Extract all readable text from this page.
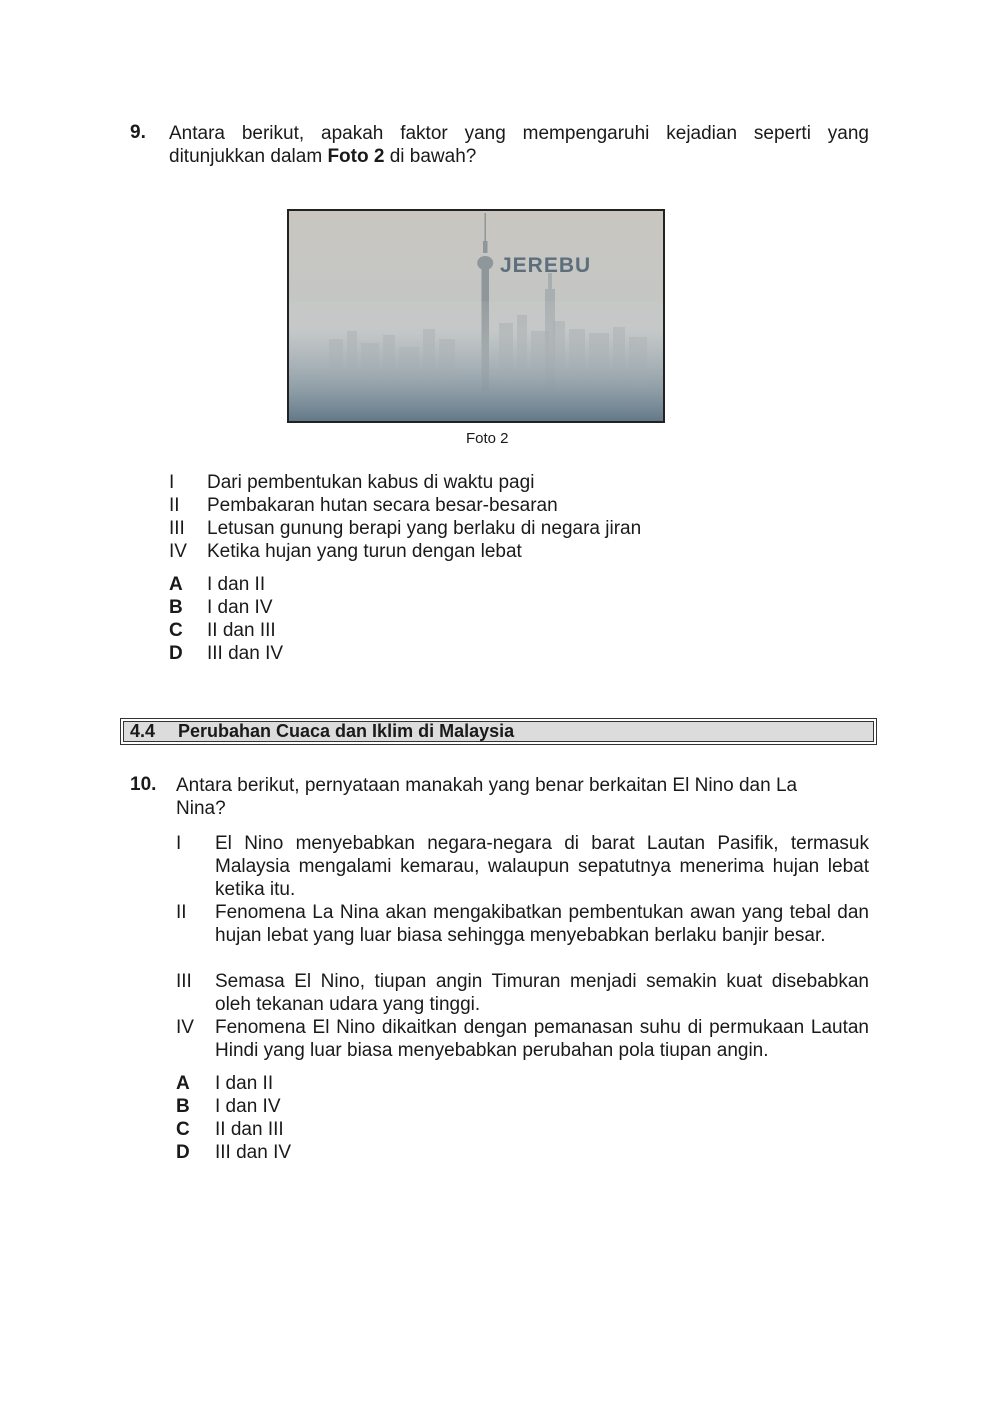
9. Antara berikut, apakah faktor yang mempengaruhi kejadian seperti yang ditunjukkan dalam Foto 2 di bawah?
JEREBU
Foto 2
I Dari pembentukan kabus di waktu pagi
II Pembakaran hutan secara besar-besaran
III Letusan gunung berapi yang berlaku di negara jiran
IV Ketika hujan yang turun dengan lebat
A I dan II
B I dan IV
C II dan III
D III dan IV
4.4 Perubahan Cuaca dan Iklim di Malaysia
10. Antara berikut, pernyataan manakah yang benar berkaitan El Nino dan La Nina?
I El Nino menyebabkan negara-negara di barat Lautan Pasifik, termasuk Malaysia mengalami kemarau, walaupun sepatutnya menerima hujan lebat ketika itu.
II Fenomena La Nina akan mengakibatkan pembentukan awan yang tebal dan hujan lebat yang luar biasa sehingga menyebabkan berlaku banjir besar.
III Semasa El Nino, tiupan angin Timuran menjadi semakin kuat disebabkan oleh tekanan udara yang tinggi.
IV Fenomena El Nino dikaitkan dengan pemanasan suhu di permukaan Lautan Hindi yang luar biasa menyebabkan perubahan pola tiupan angin.
A I dan II
B I dan IV
C II dan III
D III dan IV
